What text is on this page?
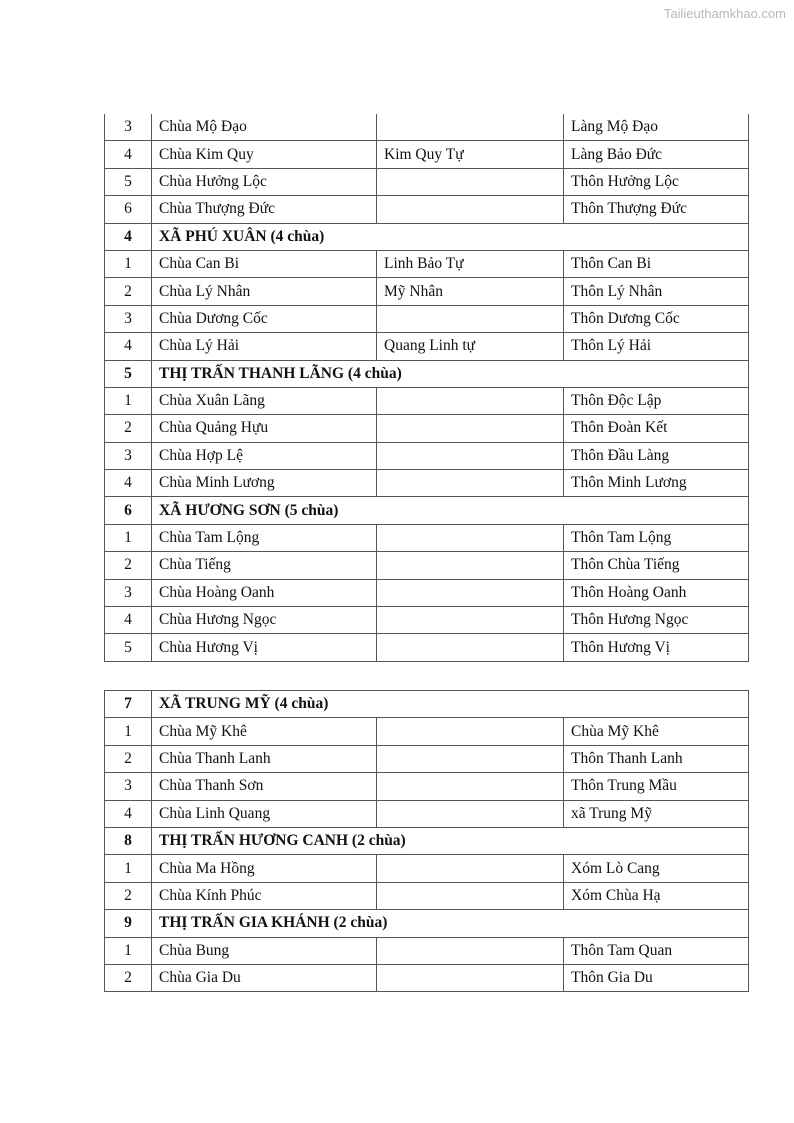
Tailieuthamkhao.com
3	Chùa Mộ Đạo		Làng Mộ Đạo
4	Chùa Kim Quy	Kim Quy Tự	Làng Bảo Đức
5	Chùa Hưởng Lộc		Thôn Hưởng Lộc
6	Chùa Thượng Đức		Thôn Thượng Đức
4	XÃ PHÚ XUÂN (4 chùa)		
1	Chùa Can Bi	Linh Bảo Tự	Thôn Can Bi
2	Chùa Lý Nhân	Mỹ Nhân	Thôn Lý Nhân
3	Chùa Dương Cốc		Thôn Dương Cốc
4	Chùa Lý Hải	Quang Linh tự	Thôn Lý Hải
5	THỊ TRẤN THANH LÃNG (4 chùa)		
1	Chùa Xuân Lãng		Thôn Độc Lập
2	Chùa Quảng Hựu		Thôn Đoàn Kết
3	Chùa Hợp Lệ		Thôn Đầu Làng
4	Chùa Minh Lương		Thôn Minh Lương
6	XÃ HƯƠNG SƠN (5 chùa)		
1	Chùa Tam Lộng		Thôn Tam Lộng
2	Chùa Tiếng		Thôn Chùa Tiếng
3	Chùa Hoàng Oanh		Thôn Hoàng Oanh
4	Chùa Hương Ngọc		Thôn Hương Ngọc
5	Chùa Hương Vị		Thôn Hương Vị
7	XÃ TRUNG MỸ (4 chùa)		
1	Chùa Mỹ Khê		Chùa Mỹ Khê
2	Chùa Thanh Lanh		Thôn Thanh Lanh
3	Chùa Thanh Sơn		Thôn Trung Mầu
4	Chùa Linh Quang		xã Trung Mỹ
8	THỊ TRẤN HƯƠNG CANH (2 chùa)		
1	Chùa Ma Hồng		Xóm Lò Cang
2	Chùa Kính Phúc		Xóm Chùa Hạ
9	THỊ TRẤN GIA KHÁNH (2 chùa)		
1	Chùa Bung		Thôn Tam Quan
2	Chùa Gia Du		Thôn Gia Du
